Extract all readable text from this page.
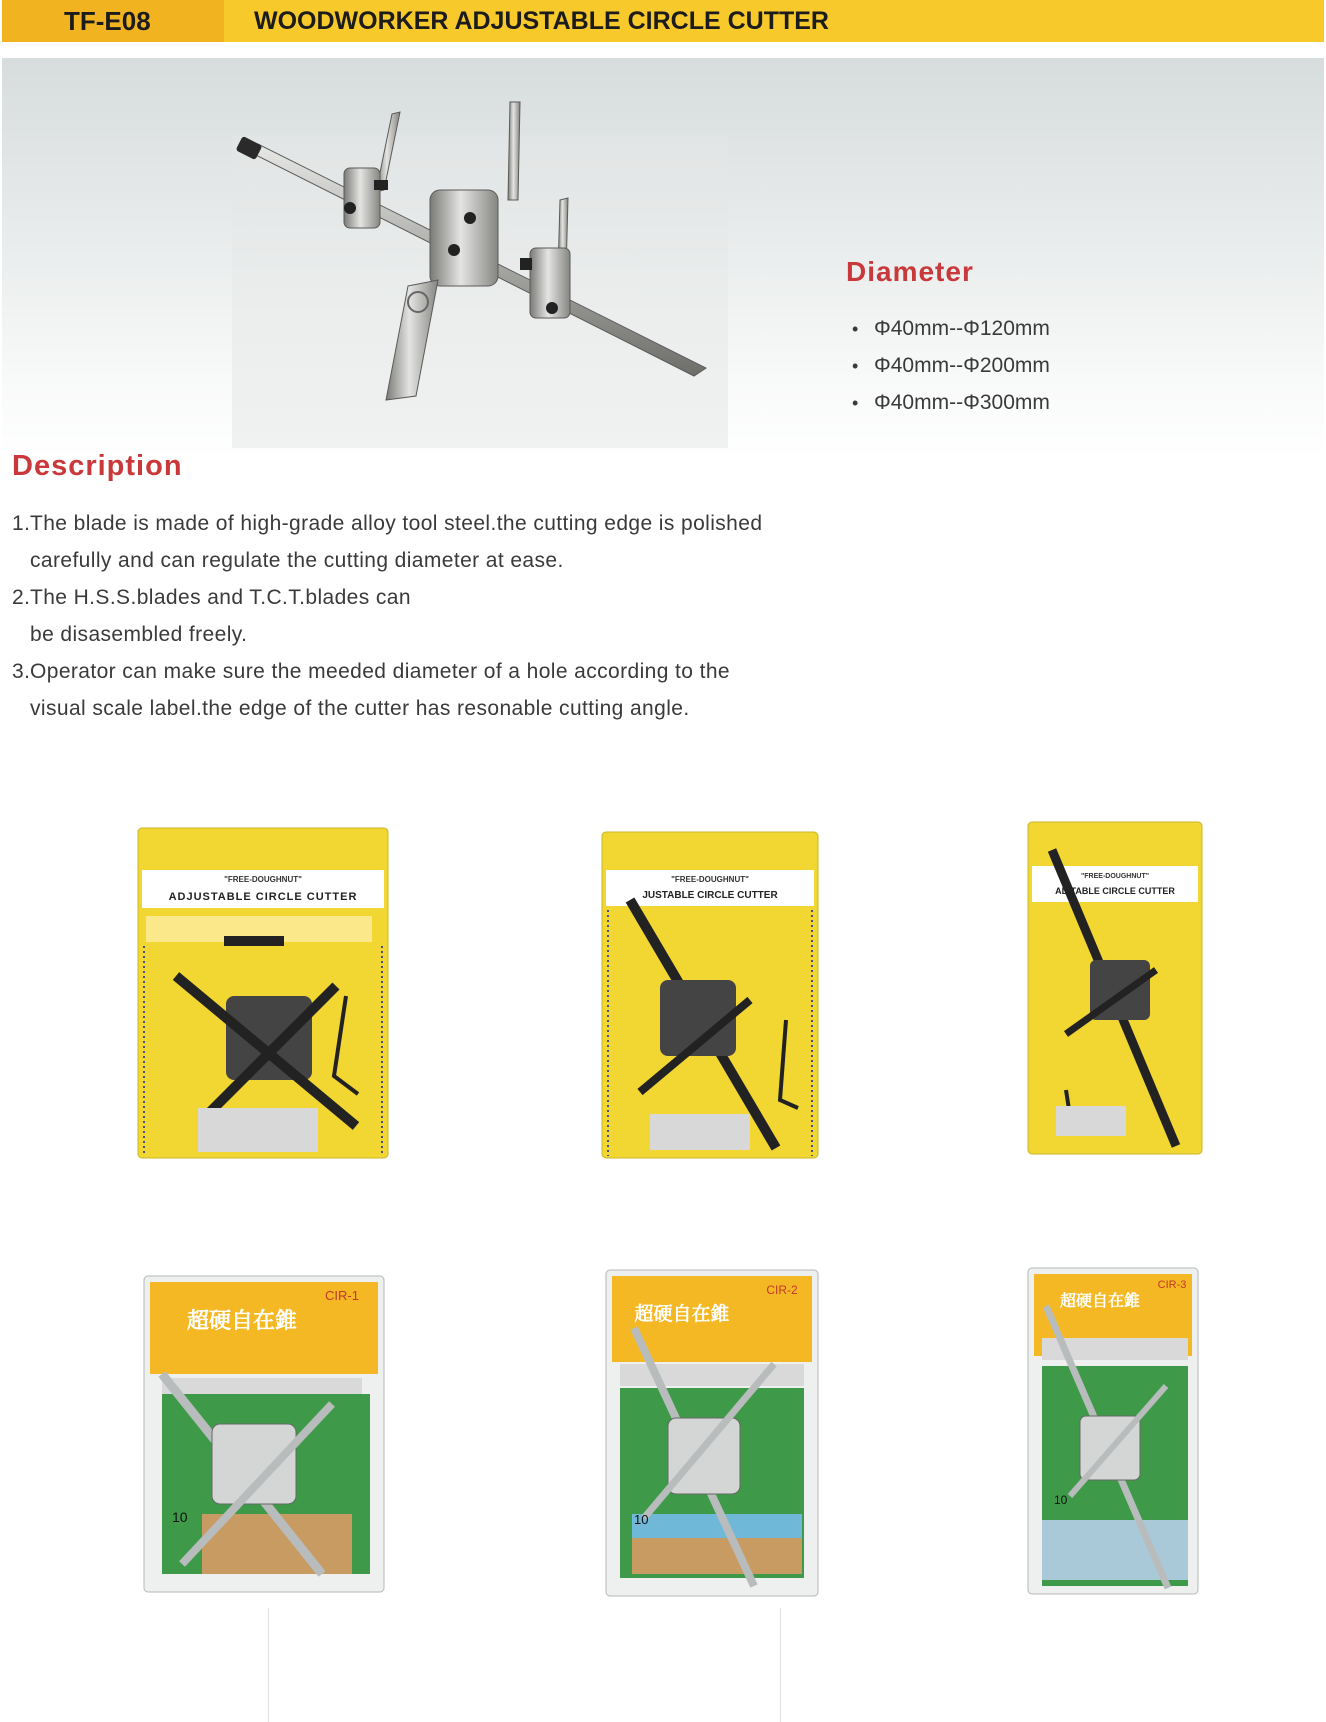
TF-E08	WOODWORKER ADJUSTABLE CIRCLE CUTTER
Diameter
• Φ40mm--Φ120mm
• Φ40mm--Φ200mm
• Φ40mm--Φ300mm
Description
1.The blade is made of high-grade alloy tool steel.the cutting edge is polished
carefully and can regulate the cutting diameter at ease.
2.The H.S.S.blades and T.C.T.blades can
be disasembled freely.
3.Operator can make sure the meeded diameter of a hole according to the
visual scale label.the edge of the cutter has resonable cutting angle.
"FREE-DOUGHNUT"
ADJUSTABLE CIRCLE CUTTER
"FREE-DOUGHNUT"
JUSTABLE CIRCLE CUTTER
"FREE-DOUGHNUT"
AD TABLE CIRCLE CUTTER
CIR-1
超硬自在錐
10
CIR-2
超硬自在錐
10
CIR-3
超硬自在錐
10
